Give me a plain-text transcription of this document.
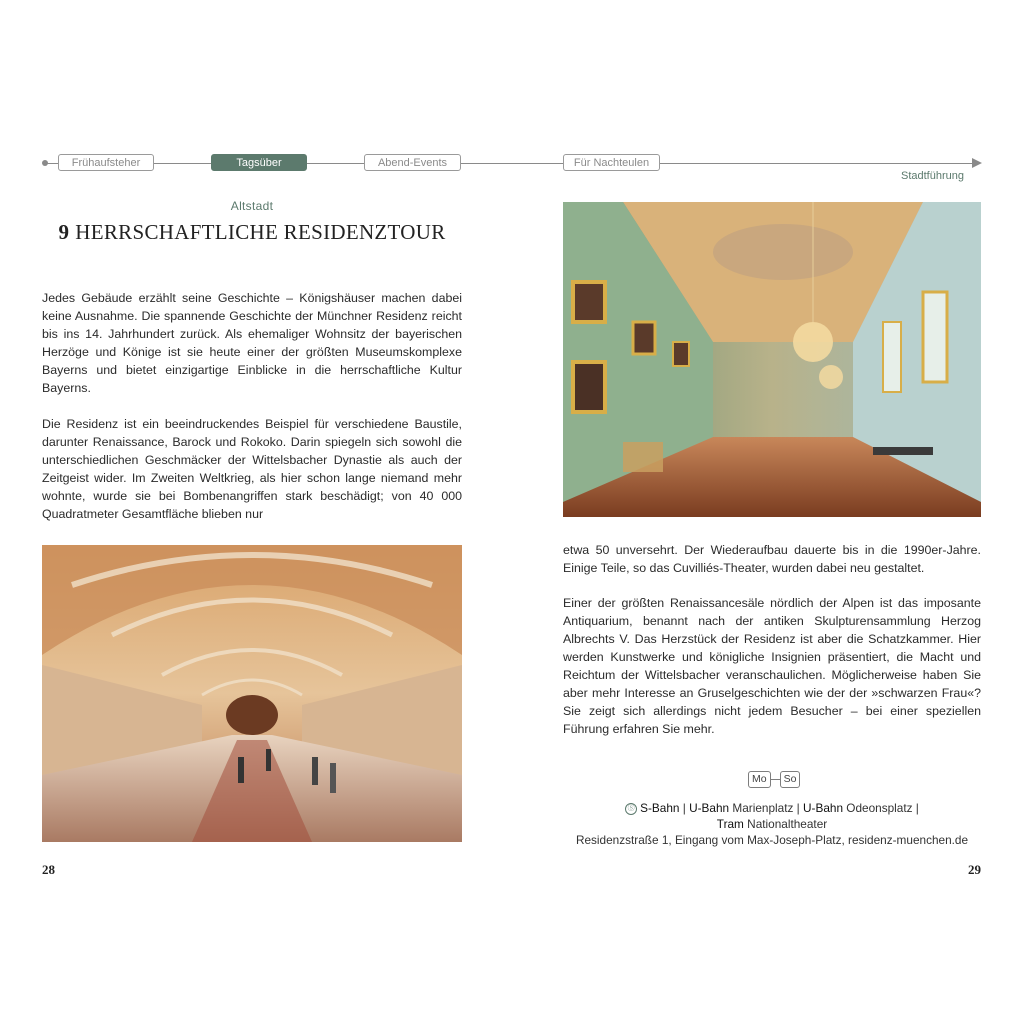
Frühaufsteher	Tagsüber	Abend-Events	Für Nachteulen
Stadtführung
Altstadt
9 HERRSCHAFTLICHE RESIDENZTOUR
Jedes Gebäude erzählt seine Geschichte – Königshäuser machen dabei keine Ausnahme. Die spannende Geschichte der Münchner Residenz reicht bis ins 14. Jahrhundert zurück. Als ehemaliger Wohnsitz der bayerischen Herzöge und Könige ist sie heute einer der größten Museumskomplexe Bayerns und bietet einzigartige Einblicke in die herrschaftliche Kultur Bayerns.
Die Residenz ist ein beeindruckendes Beispiel für verschiedene Baustile, darunter Renaissance, Barock und Rokoko. Darin spiegeln sich sowohl die unterschiedlichen Geschmäcker der Wittelsbacher Dynastie als auch der Zeitgeist wider. Im Zweiten Weltkrieg, als hier schon lange niemand mehr wohnte, wurde sie bei Bombenangriffen stark beschädigt; von 40 000 Quadratmeter Gesamtfläche blieben nur
etwa 50 unversehrt. Der Wiederaufbau dauerte bis in die 1990er-Jahre. Einige Teile, so das Cuvilliés-Theater, wurden dabei neu gestaltet.
Einer der größten Renaissancesäle nördlich der Alpen ist das imposante Antiquarium, benannt nach der antiken Skulpturensammlung Herzog Albrechts V. Das Herzstück der Residenz ist aber die Schatzkammer. Hier werden Kunstwerke und königliche Insignien präsentiert, die Macht und Reichtum der Wittelsbacher veranschaulichen. Möglicherweise haben Sie aber mehr Interesse an Gruselgeschichten wie der der »schwarzen Frau«? Sie zeigt sich allerdings nicht jedem Besucher – bei einer speziellen Führung erfahren Sie mehr.
Mo So
Ⓢ S-Bahn | U-Bahn Marienplatz | U-Bahn Odeonsplatz |
Tram Nationaltheater
Residenzstraße 1, Eingang vom Max-Joseph-Platz, residenz-muenchen.de
28	29
